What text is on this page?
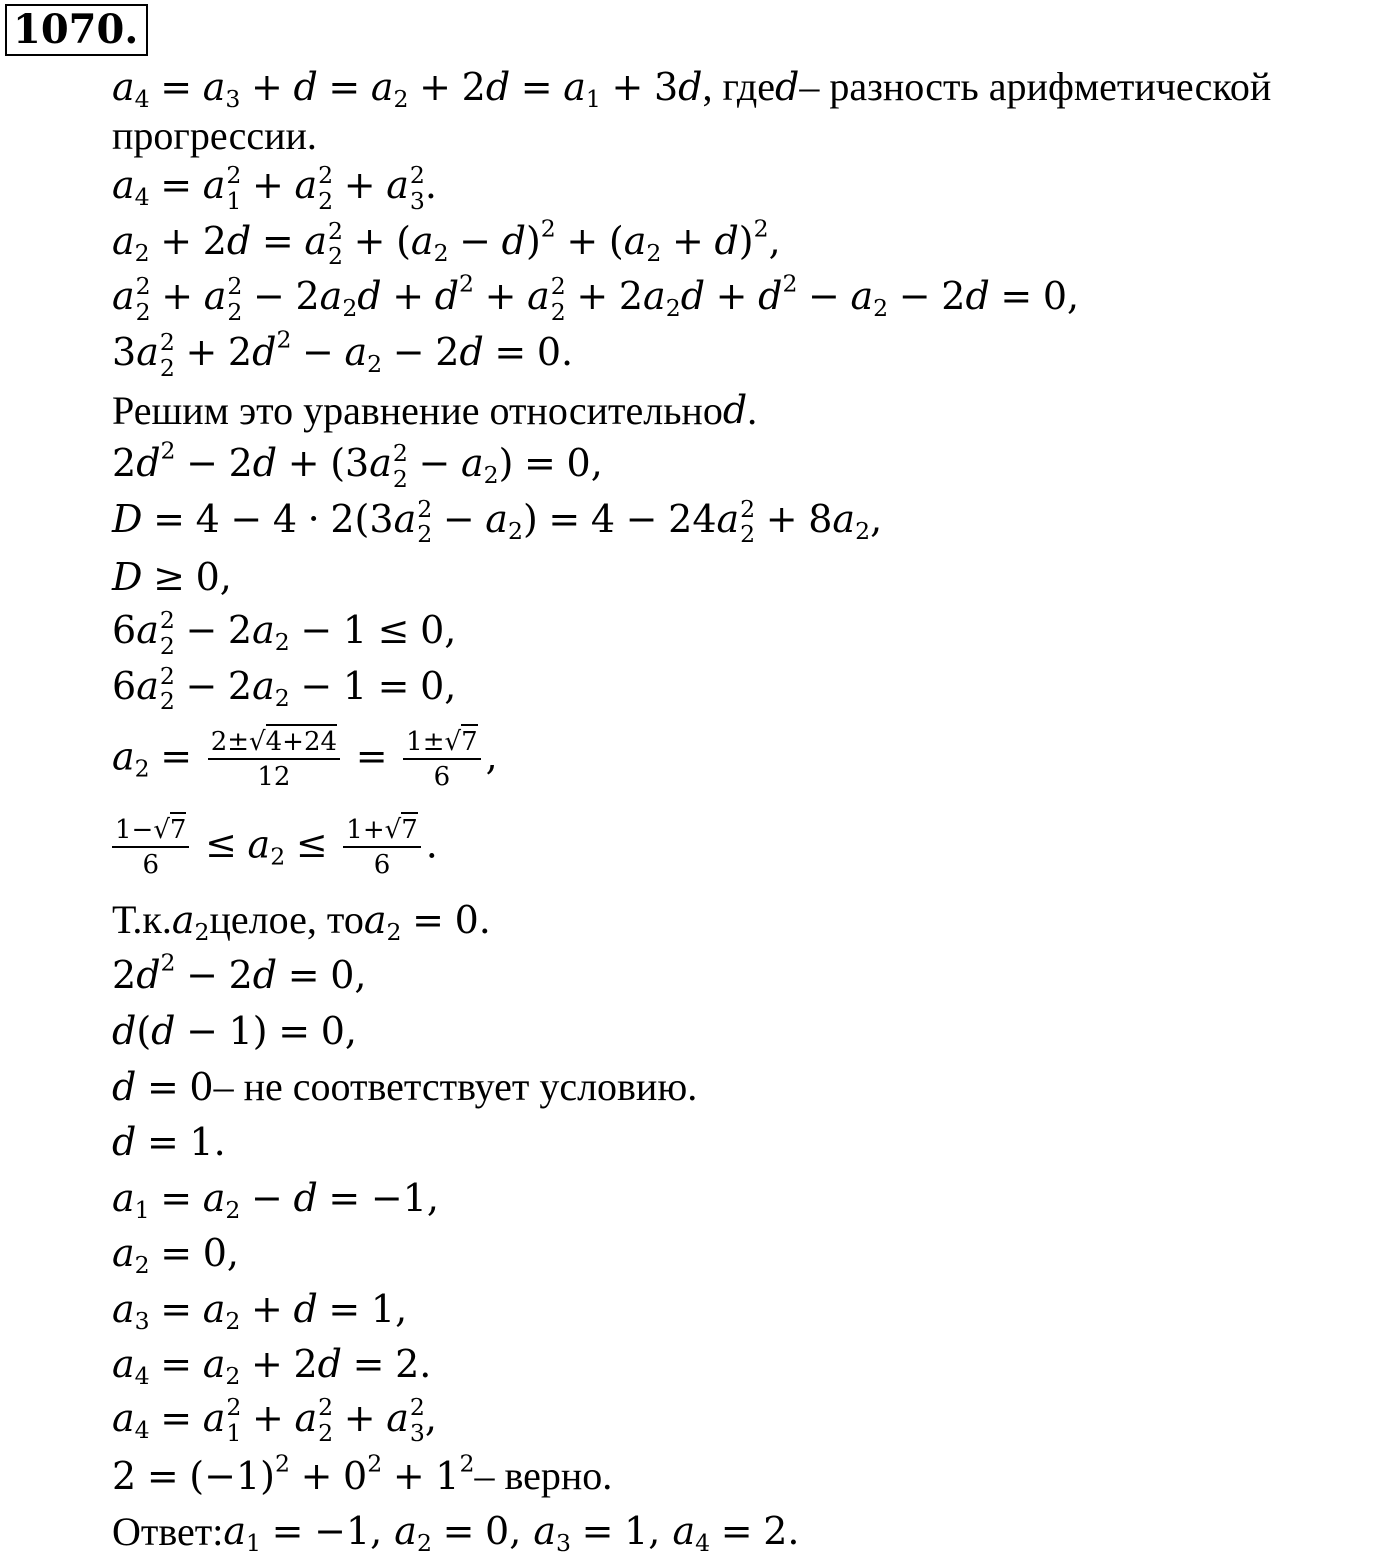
1070.
$a_4 = a_3 + d = a_2 + 2d = a_1 + 3d$ , где d – разность арифметической
прогрессии.
$a_4 = a$ 2
1 + a 2
2 + a 2
3 .
$a_2 + 2d = a$ 2
$2 + (a_2 - d)^2 + (a_2 + d)^2$,
a 2
2 + a 2
$2 - 2a_2d + d^2 + a$ 2
$2 + 2a_2d + d^2 - a_2 - 2d = 0$,
3a 2
$2 + 2d^2 - a_2 - 2d = 0$.
Решим это уравнение относительно d .
$2d^2 - 2d + (3a$ 2
$2 - a_2) = 0$,
D = 4 − 4 · 2(3a 2
$2 - a_2) = 4 - 24a$ 2
$2 + 8a_2$,
D ≥ 0,
6a 2
$2 - 2a_2 - 1 \le 0$,
6a 2
$2 - 2a_2 - 1 = 0$,
$a_2 = \frac{2\pm√4+24}{12} = \frac{1\pm√7}{6}$ ,
$\frac{1-√7}{6} \le a_2 \le \frac{1+√7}{6}$ .
Т.к. $a_2$ целое, то $a_2 = 0$.
$2d^2 - 2d = 0$,
d(d − 1) = 0,
d = 0 – не соответствует условию.
d = 1.
$a_1 = a_2 - d = -1$,
$a_2 = 0$,
$a_3 = a_2 + d = 1$,
$a_4 = a_2 + 2d = 2$.
$a_4 = a$ 2
1 + a 2
2 + a 2
3 ,
$2 = (-1)^2 + 0^2 + 1^2$ – верно.
Ответ: $a_1 = -1$, $a_2 = 0$, $a_3 = 1$, $a_4 = 2$.
